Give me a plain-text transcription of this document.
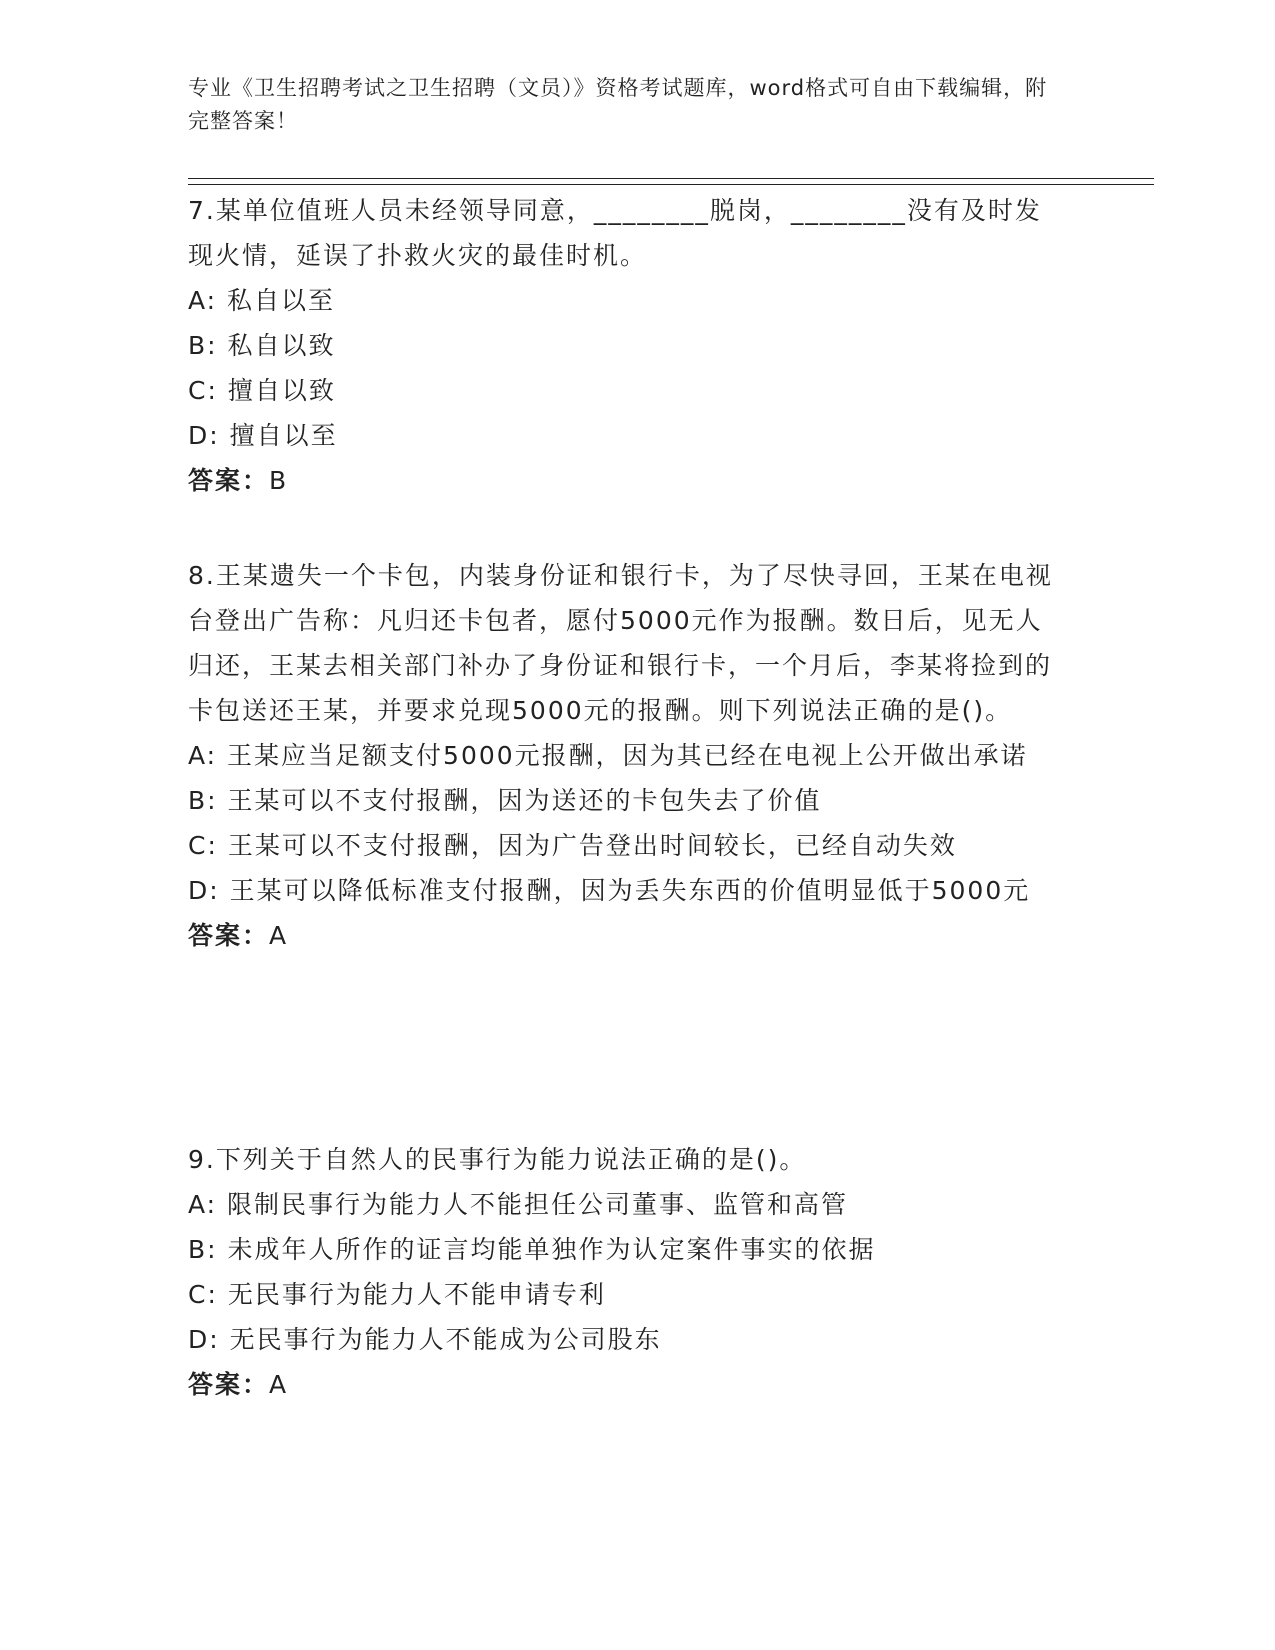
专业《卫生招聘考试之卫生招聘（文员）》资格考试题库，word格式可自由下载编辑，附完整答案！
7.某单位值班人员未经领导同意，________脱岗，________没有及时发现火情，延误了扑救火灾的最佳时机。
A: 私自以至
B: 私自以致
C: 擅自以致
D: 擅自以至
答案：B
8.王某遗失一个卡包，内装身份证和银行卡，为了尽快寻回，王某在电视台登出广告称：凡归还卡包者，愿付5000元作为报酬。数日后，见无人归还，王某去相关部门补办了身份证和银行卡，一个月后，李某将捡到的卡包送还王某，并要求兑现5000元的报酬。则下列说法正确的是()。
A: 王某应当足额支付5000元报酬，因为其已经在电视上公开做出承诺
B: 王某可以不支付报酬，因为送还的卡包失去了价值
C: 王某可以不支付报酬，因为广告登出时间较长，已经自动失效
D: 王某可以降低标准支付报酬，因为丢失东西的价值明显低于5000元
答案：A
9.下列关于自然人的民事行为能力说法正确的是()。
A: 限制民事行为能力人不能担任公司董事、监管和高管
B: 未成年人所作的证言均能单独作为认定案件事实的依据
C: 无民事行为能力人不能申请专利
D: 无民事行为能力人不能成为公司股东
答案：A
